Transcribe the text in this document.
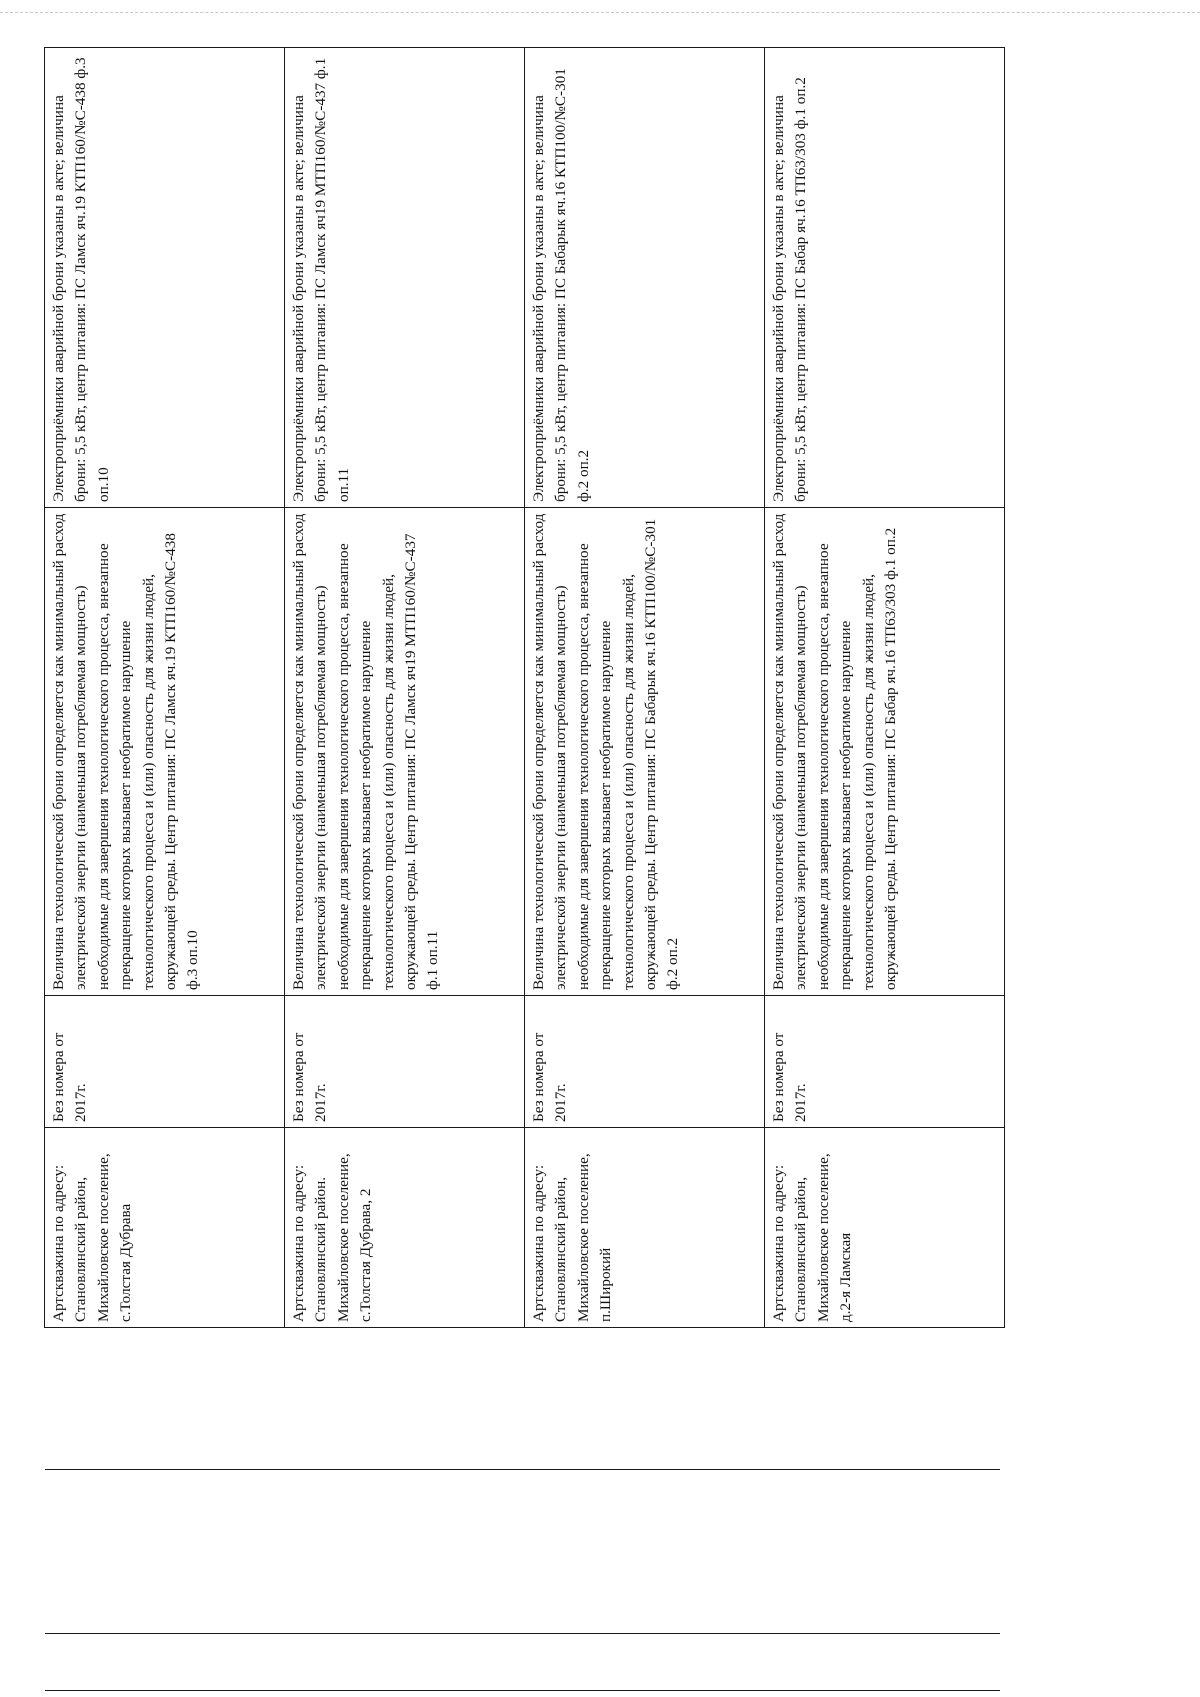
Артскважина по адресу: Становлянский район, Михайловское поселение, с.Толстая Дубрава	Без номера от 2017г.	Величина технологической брони определяется как минимальный расход электрической энергии (наименьшая потребляемая мощность) необходимые для завершения технологического процесса, внезапное прекращение которых вызывает необратимое нарушение технологического процесса и (или) опасность для жизни людей, окружающей среды. Центр питания: ПС Ламск яч.19 КТП160/№С-438 ф.3 оп.10	Электроприёмники аварийной брони указаны в акте; величина брони: 5,5 кВт, центр питания: ПС Ламск яч.19 КТП160/№С-438 ф.3 оп.10
Артскважина по адресу: Становлянский район. Михайловское поселение, с.Толстая Дубрава, 2	Без номера от 2017г.	Величина технологической брони определяется как минимальный расход электрической энергии (наименьшая потребляемая мощность) необходимые для завершения технологического процесса, внезапное прекращение которых вызывает необратимое нарушение технологического процесса и (или) опасность для жизни людей, окружающей среды. Центр питания: ПС Ламск яч19 МТП160/№С-437 ф.1 оп.11	Электроприёмники аварийной брони указаны в акте; величина брони: 5,5 кВт, центр питания: ПС Ламск яч19 МТП160/№С-437 ф.1 оп.11
Артскважина по адресу: Становлянский район, Михайловское поселение, п.Широкий	Без номера от 2017г.	Величина технологической брони определяется как минимальный расход электрической энергии (наименьшая потребляемая мощность) необходимые для завершения технологического процесса, внезапное прекращение которых вызывает необратимое нарушение технологического процесса и (или) опасность для жизни людей, окружающей среды. Центр питания: ПС Бабарык яч.16 КТП100/№С-301 ф.2 оп.2	Электроприёмники аварийной брони указаны в акте; величина брони: 5,5 кВт, центр питания: ПС Бабарык яч.16 КТП100/№С-301 ф.2 оп.2
Артскважина по адресу: Становлянский район, Михайловское поселение, д.2-я Ламская	Без номера от 2017г.	Величина технологической брони определяется как минимальный расход электрической энергии (наименьшая потребляемая мощность) необходимые для завершения технологического процесса, внезапное прекращение которых вызывает необратимое нарушение технологического процесса и (или) опасность для жизни людей, окружающей среды. Центр питания: ПС Бабар яч.16 ТП63/303 ф.1 оп.2	Электроприёмники аварийной брони указаны в акте; величина брони: 5,5 кВт, центр питания: ПС Бабар яч.16 ТП63/303 ф.1 оп.2
